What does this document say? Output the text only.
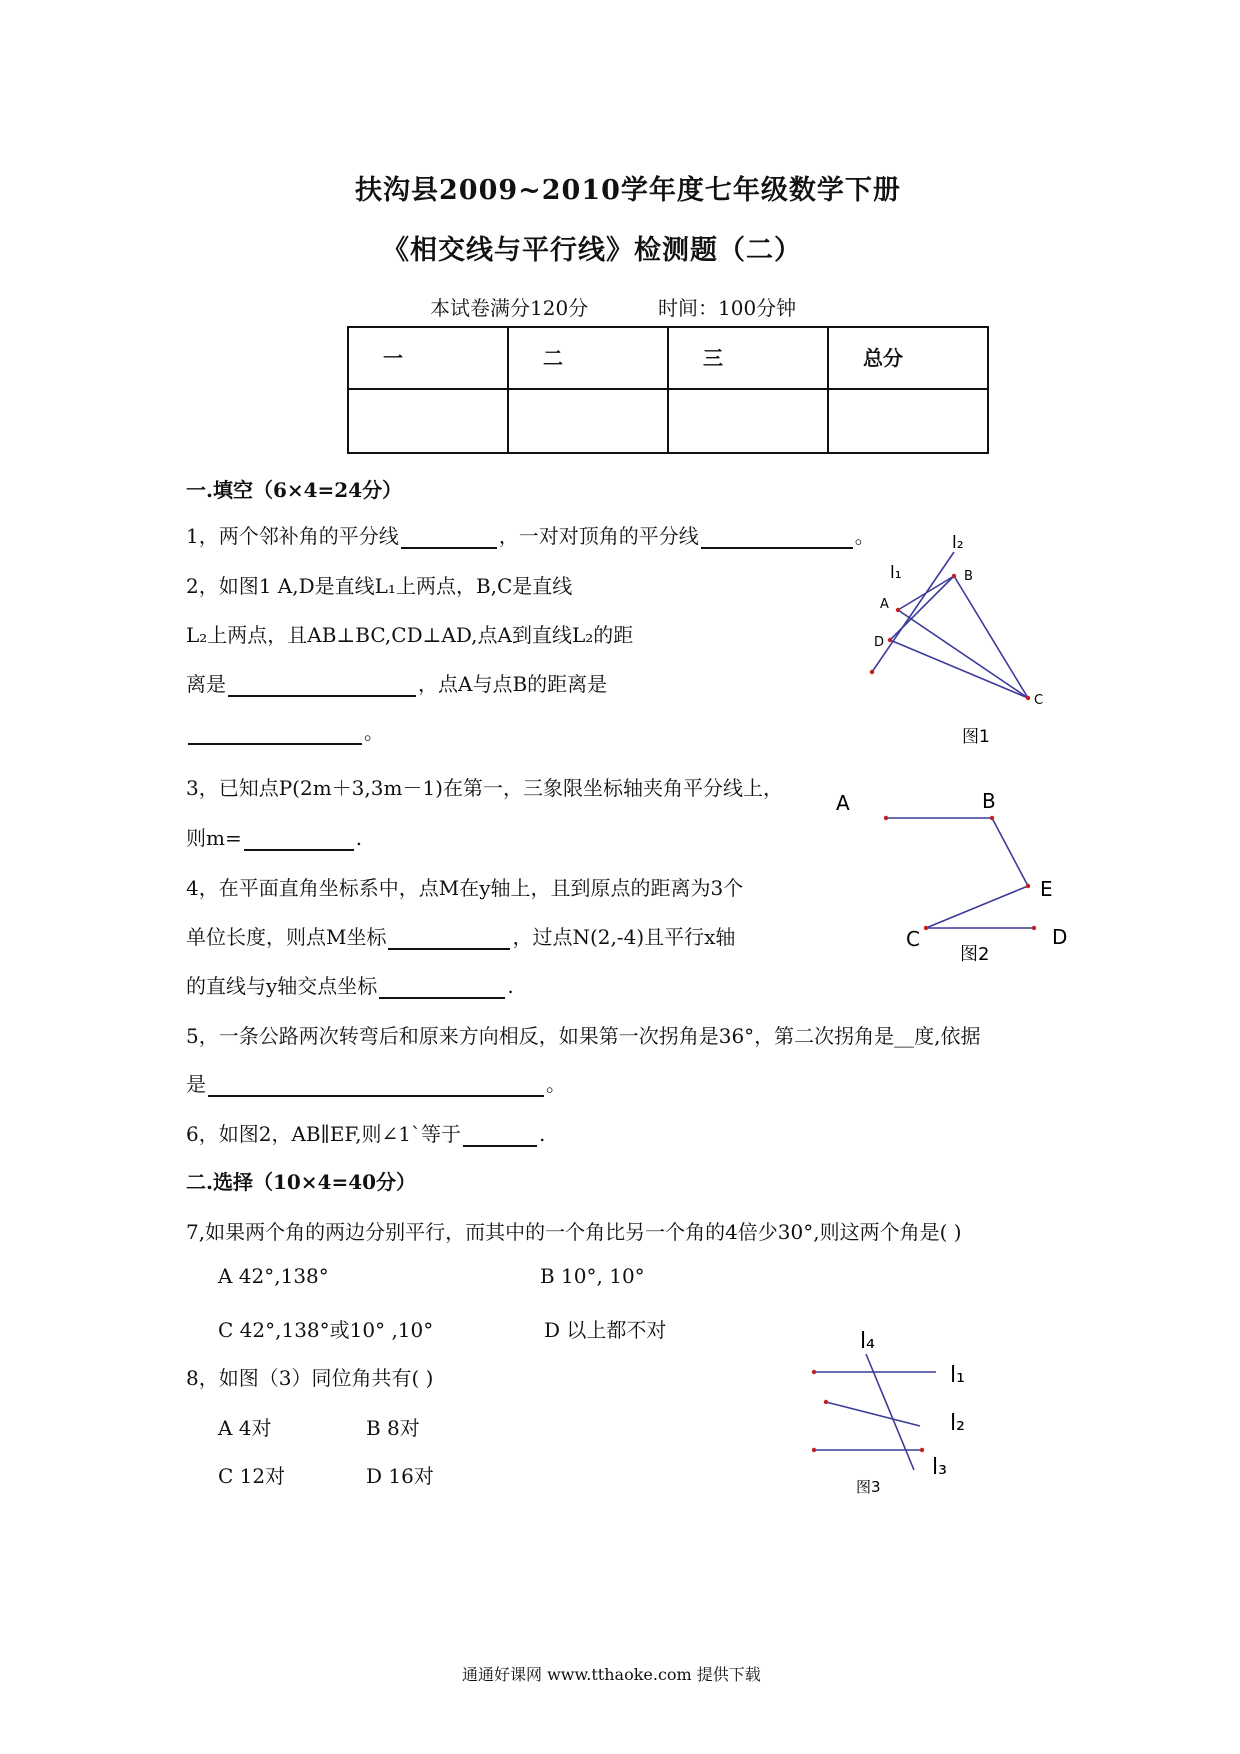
扶沟县2009~2010学年度七年级数学下册
《相交线与平行线》检测题（二）
本试卷满分120分	时间：100分钟
一	二	三	总分

一.填空（6×4=24分）
1，两个邻补角的平分线	，一对对顶角的平分线	。
2，如图1 A,D是直线L₁上两点，B,C是直线
L₂上两点，且AB⊥BC,CD⊥AD,点A到直线L₂的距
离是	，点A与点B的距离是
。
3，已知点P(2m＋3,3m－1)在第一，三象限坐标轴夹角平分线上，
则m=	.
4，在平面直角坐标系中，点M在y轴上，且到原点的距离为3个
单位长度，则点M坐标	，过点N(2,-4)且平行x轴
的直线与y轴交点坐标	.
5，一条公路两次转弯后和原来方向相反，如果第一次拐角是36°，第二次拐角是__度,依据
是	。
6，如图2，AB∥EF,则∠1`等于	.
二.选择（10×4=40分）
7,如果两个角的两边分别平行，而其中的一个角比另一个角的4倍少30°,则这两个角是( )
A 42°,138°	B 10°, 10°
C 42°,138°或10° ,10°	D 以上都不对
8，如图（3）同位角共有( )
A 4对	B 8对
C 12对	D 16对
l₂
l₁	B
A
D
C
图1
A	B
E
C	D
图2
l₄
l₁
l₂
l₃
图3
通通好课网 www.tthaoke.com 提供下载
